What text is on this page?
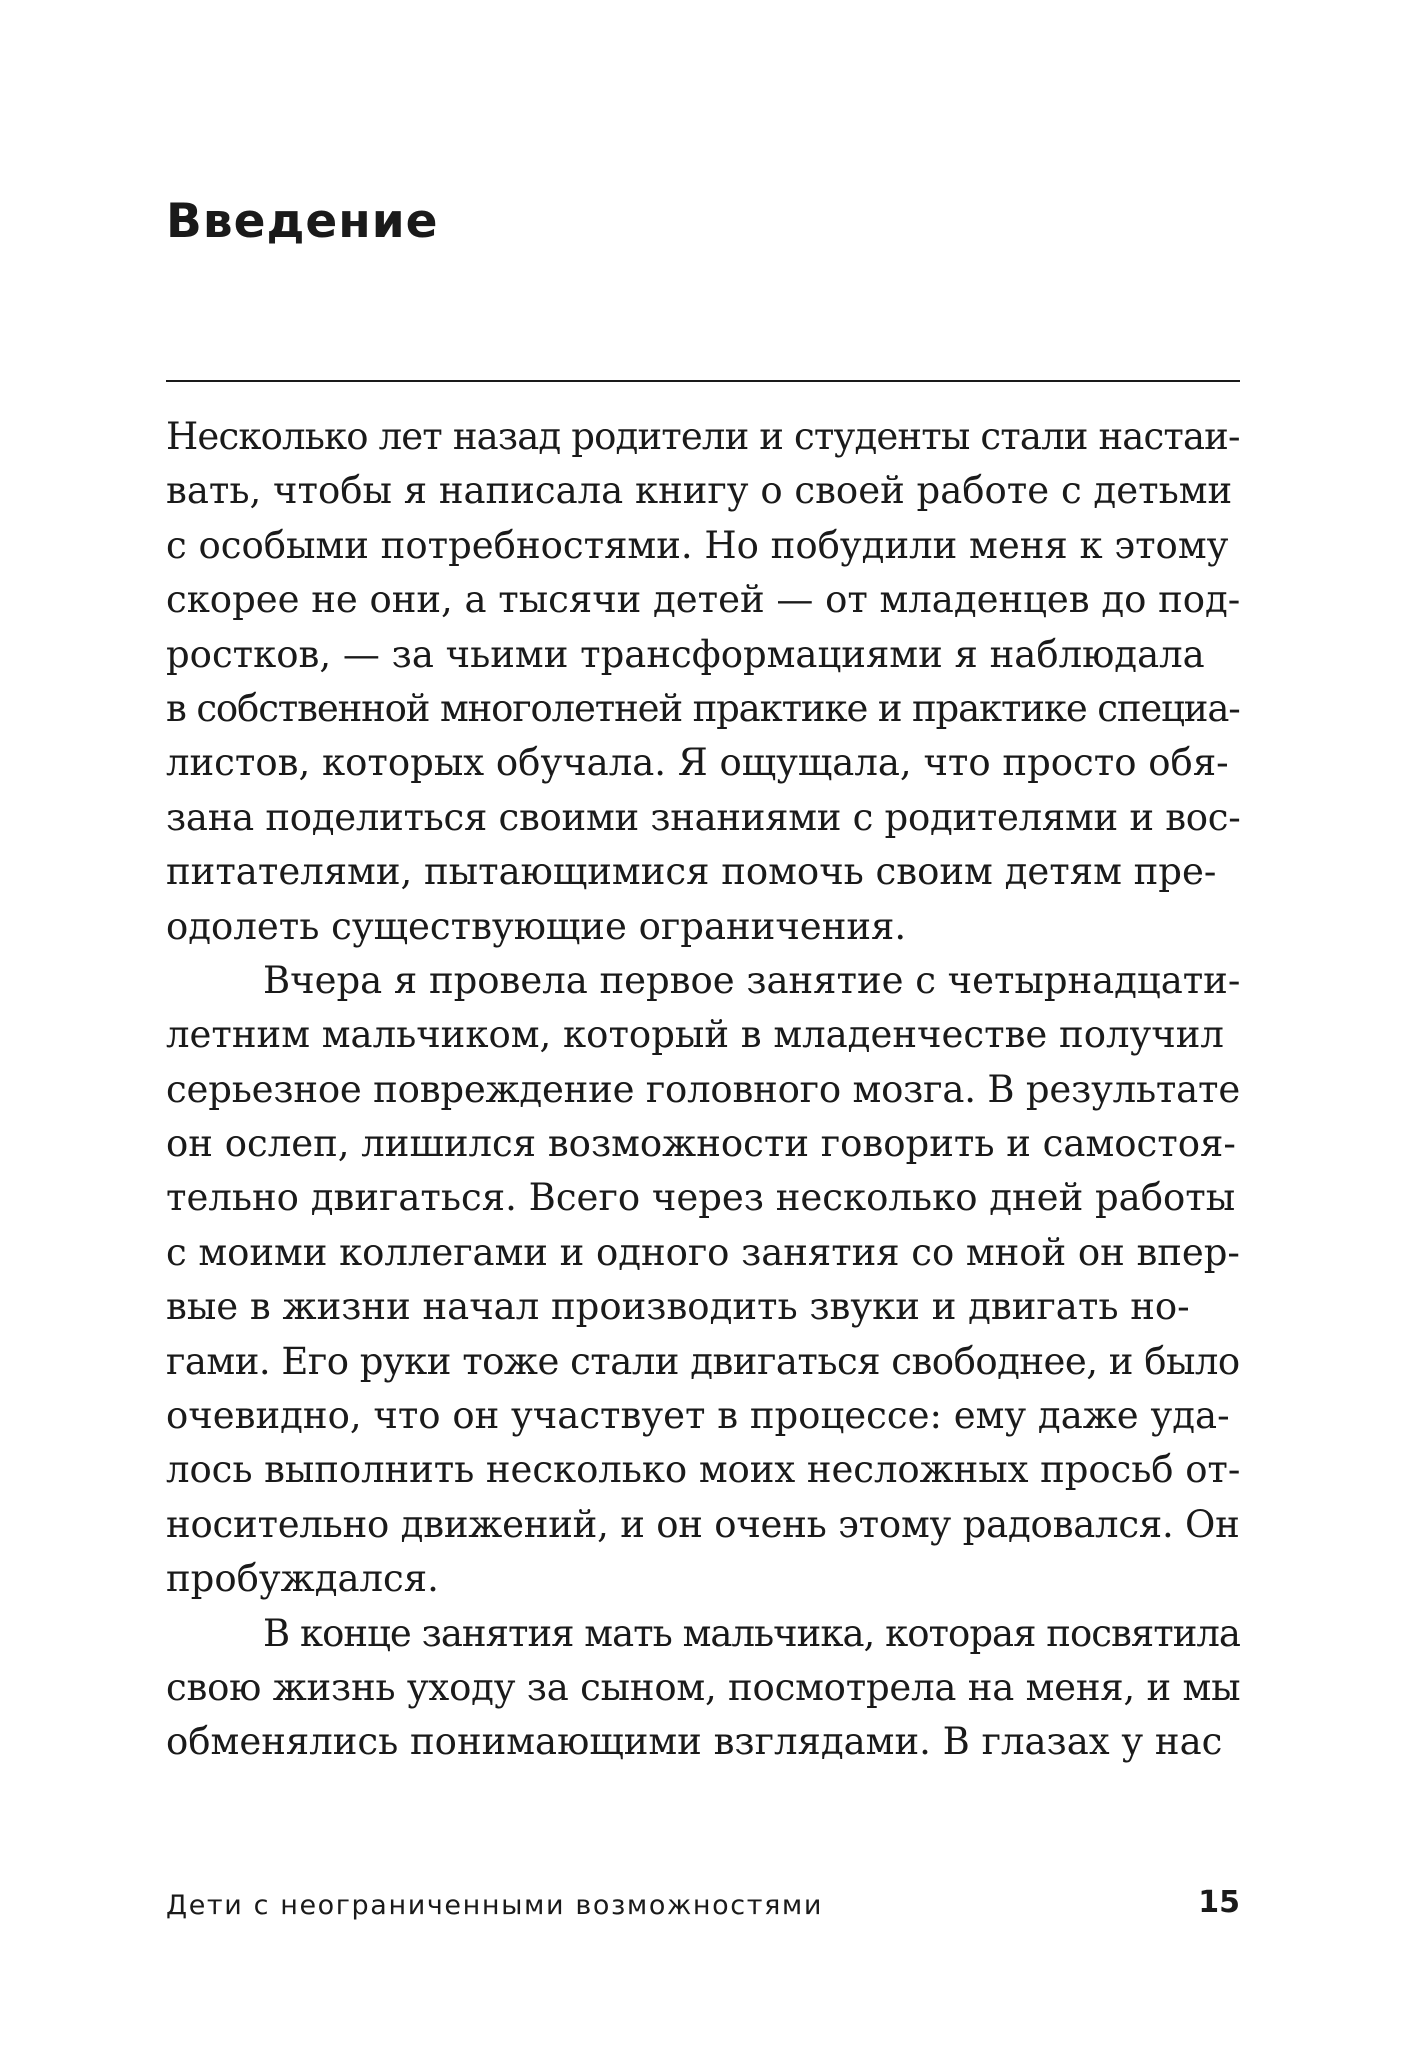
Введение
Несколько лет назад родители и студенты стали настаи-
вать, чтобы я написала книгу о своей работе с детьми
с особыми потребностями. Но побудили меня к этому
скорее не они, а тысячи детей — от младенцев до под-
ростков, — за чьими трансформациями я наблюдала
в собственной многолетней практике и практике специа-
листов, которых обучала. Я ощущала, что просто обя-
зана поделиться своими знаниями с родителями и вос-
питателями, пытающимися помочь своим детям пре-
одолеть существующие ограничения.
Вчера я провела первое занятие с четырнадцати-
летним мальчиком, который в младенчестве получил
серьезное повреждение головного мозга. В результате
он ослеп, лишился возможности говорить и самостоя-
тельно двигаться. Всего через несколько дней работы
с моими коллегами и одного занятия со мной он впер-
вые в жизни начал производить звуки и двигать но-
гами. Его руки тоже стали двигаться свободнее, и было
очевидно, что он участвует в процессе: ему даже уда-
лось выполнить несколько моих несложных просьб от-
носительно движений, и он очень этому радовался. Он
пробуждался.
В конце занятия мать мальчика, которая посвятила
свою жизнь уходу за сыном, посмотрела на меня, и мы
обменялись понимающими взглядами. В глазах у нас

Дети с неограниченными возможностями	15
